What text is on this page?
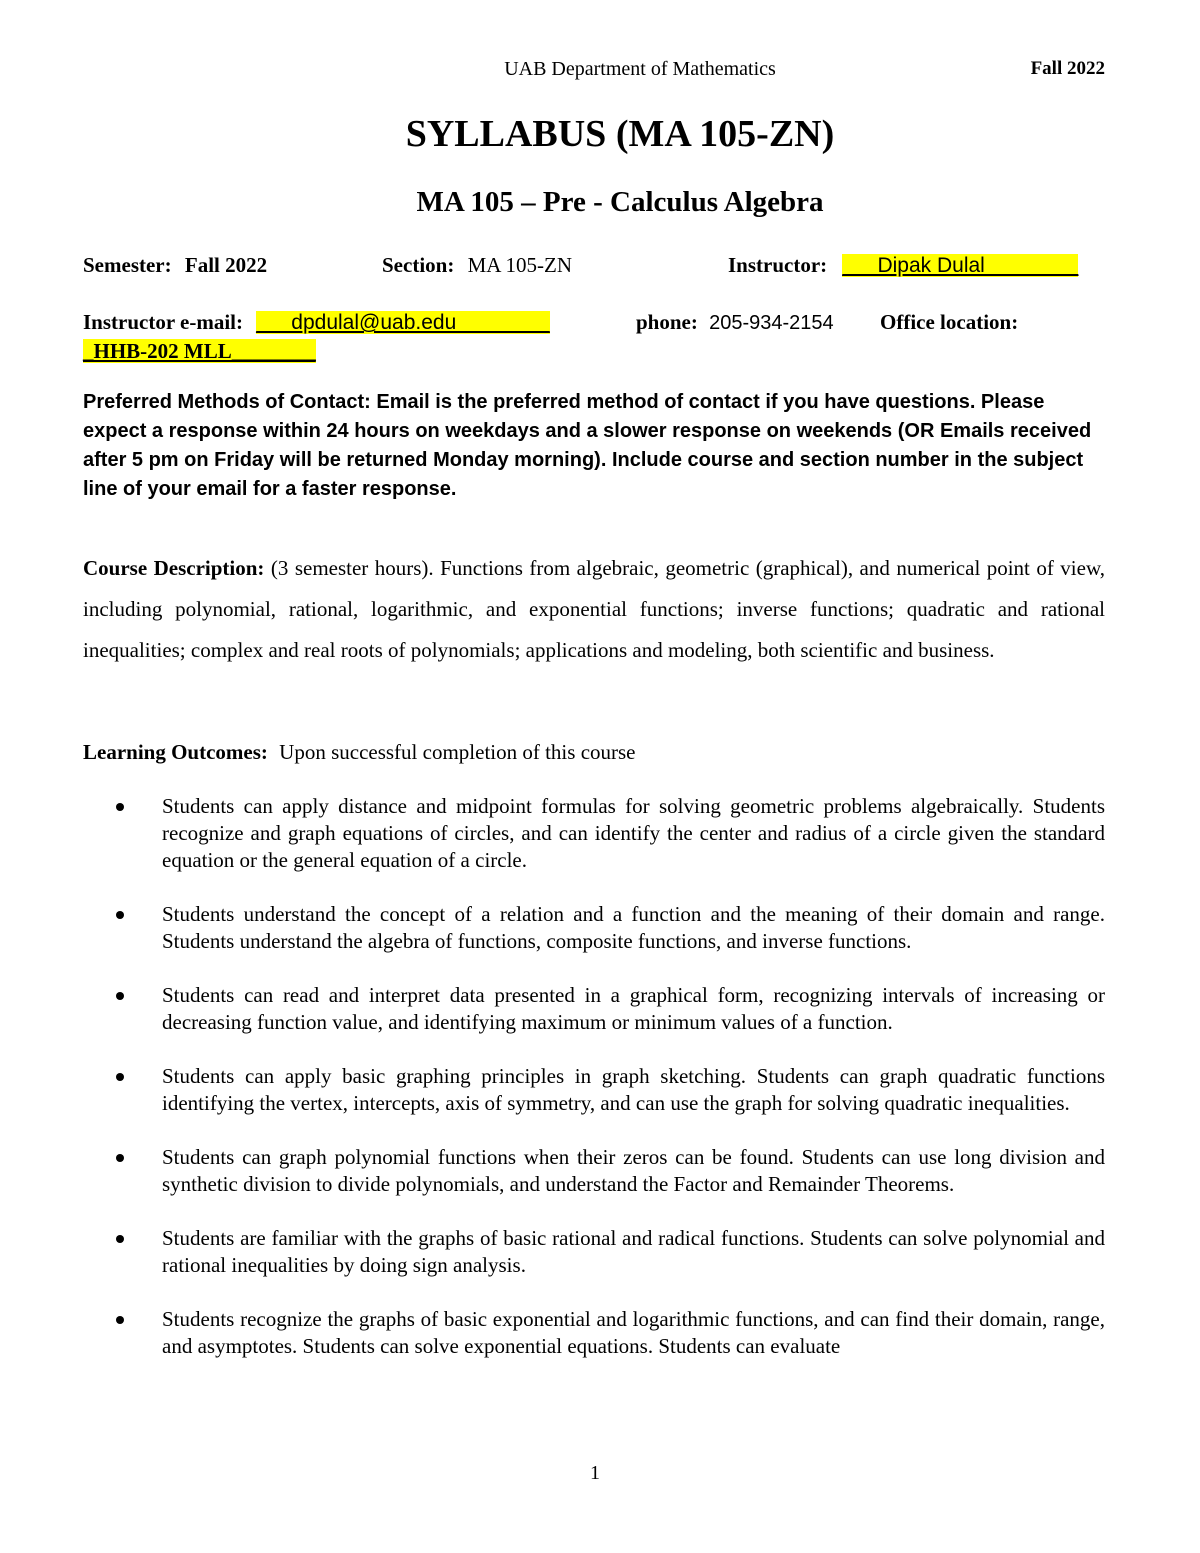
UAB Department of Mathematics	Fall 2022

SYLLABUS (MA 105-ZN)
MA 105 – Pre - Calculus Algebra
Semester: Fall 2022	Section: MA 105-ZN	Instructor: ___Dipak Dulal________
Instructor e-mail: ___dpdulal@uab.edu________	phone: 205-934-2154 Office location:
_HHB-202 MLL________

Preferred Methods of Contact: Email is the preferred method of contact if you have questions. Please expect a response within 24 hours on weekdays and a slower response on weekends (OR Emails received after 5 pm on Friday will be returned Monday morning). Include course and section number in the subject line of your email for a faster response.

Course Description: (3 semester hours). Functions from algebraic, geometric (graphical), and numerical point of view, including polynomial, rational, logarithmic, and exponential functions; inverse functions; quadratic and rational inequalities; complex and real roots of polynomials; applications and modeling, both scientific and business.

Learning Outcomes: Upon successful completion of this course

Students can apply distance and midpoint formulas for solving geometric problems algebraically. Students recognize and graph equations of circles, and can identify the center and radius of a circle given the standard equation or the general equation of a circle.
Students understand the concept of a relation and a function and the meaning of their domain and range. Students understand the algebra of functions, composite functions, and inverse functions.
Students can read and interpret data presented in a graphical form, recognizing intervals of increasing or decreasing function value, and identifying maximum or minimum values of a function.
Students can apply basic graphing principles in graph sketching. Students can graph quadratic functions identifying the vertex, intercepts, axis of symmetry, and can use the graph for solving quadratic inequalities.
Students can graph polynomial functions when their zeros can be found. Students can use long division and synthetic division to divide polynomials, and understand the Factor and Remainder Theorems.
Students are familiar with the graphs of basic rational and radical functions. Students can solve polynomial and rational inequalities by doing sign analysis.
Students recognize the graphs of basic exponential and logarithmic functions, and can find their domain, range, and asymptotes. Students can solve exponential equations. Students can evaluate

1
